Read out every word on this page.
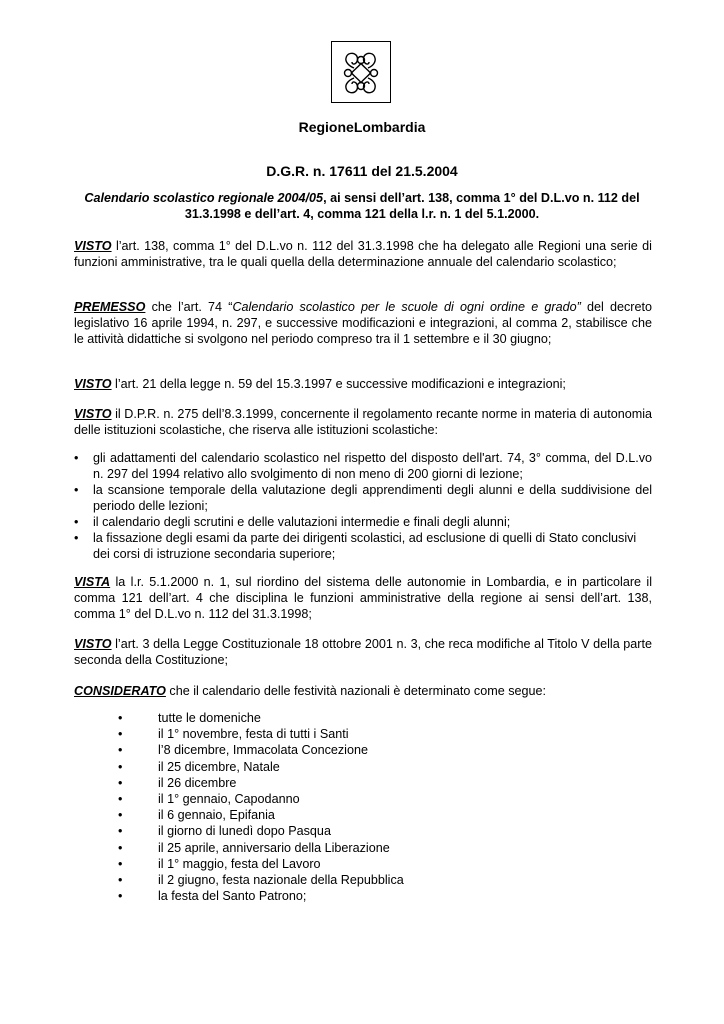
RegioneLombardia
D.G.R. n. 17611 del 21.5.2004
Calendario scolastico regionale 2004/05, ai sensi dell’art. 138, comma 1° del D.L.vo n. 112 del 31.3.1998 e dell’art. 4, comma 121 della l.r. n. 1 del 5.1.2000.
VISTO l’art. 138, comma 1° del D.L.vo n. 112 del 31.3.1998 che ha delegato alle Regioni una serie di funzioni amministrative, tra le quali quella della determinazione annuale del calendario scolastico;
PREMESSO che l’art. 74 “Calendario scolastico per le scuole di ogni ordine e grado” del decreto legislativo 16 aprile 1994, n. 297, e successive modificazioni e integrazioni, al comma 2, stabilisce che le attività didattiche si svolgono nel periodo compreso tra il 1 settembre e il 30 giugno;
VISTO l’art. 21 della legge n. 59 del 15.3.1997 e successive modificazioni e integrazioni;
VISTO il D.P.R. n. 275 dell’8.3.1999, concernente il regolamento recante norme in materia di autonomia delle istituzioni scolastiche, che riserva alle istituzioni scolastiche:
• gli adattamenti del calendario scolastico nel rispetto del disposto dell'art. 74, 3° comma, del D.L.vo n. 297 del 1994 relativo allo svolgimento di non meno di 200 giorni di lezione;
• la scansione temporale della valutazione degli apprendimenti degli alunni e della suddivisione del periodo delle lezioni;
• il calendario degli scrutini e delle valutazioni intermedie e finali degli alunni;
• la fissazione degli esami da parte dei dirigenti scolastici, ad esclusione di quelli di Stato conclusivi dei corsi di istruzione secondaria superiore;
VISTA la l.r. 5.1.2000 n. 1, sul riordino del sistema delle autonomie in Lombardia, e in particolare il comma 121 dell’art. 4 che disciplina le funzioni amministrative della regione ai sensi dell’art. 138, comma 1° del D.L.vo n. 112 del 31.3.1998;
VISTO l’art. 3 della Legge Costituzionale 18 ottobre 2001 n. 3, che reca modifiche al Titolo V della parte seconda della Costituzione;
CONSIDERATO che il calendario delle festività nazionali è determinato come segue:
•	tutte le domeniche
•	il 1° novembre, festa di tutti i Santi
•	l’8 dicembre, Immacolata Concezione
•	il 25 dicembre, Natale
•	il 26 dicembre
•	il 1° gennaio, Capodanno
•	il 6 gennaio, Epifania
•	il giorno di lunedì dopo Pasqua
•	il 25 aprile, anniversario della Liberazione
•	il 1° maggio, festa del Lavoro
•	il 2 giugno, festa nazionale della Repubblica
•	la festa del Santo Patrono;
